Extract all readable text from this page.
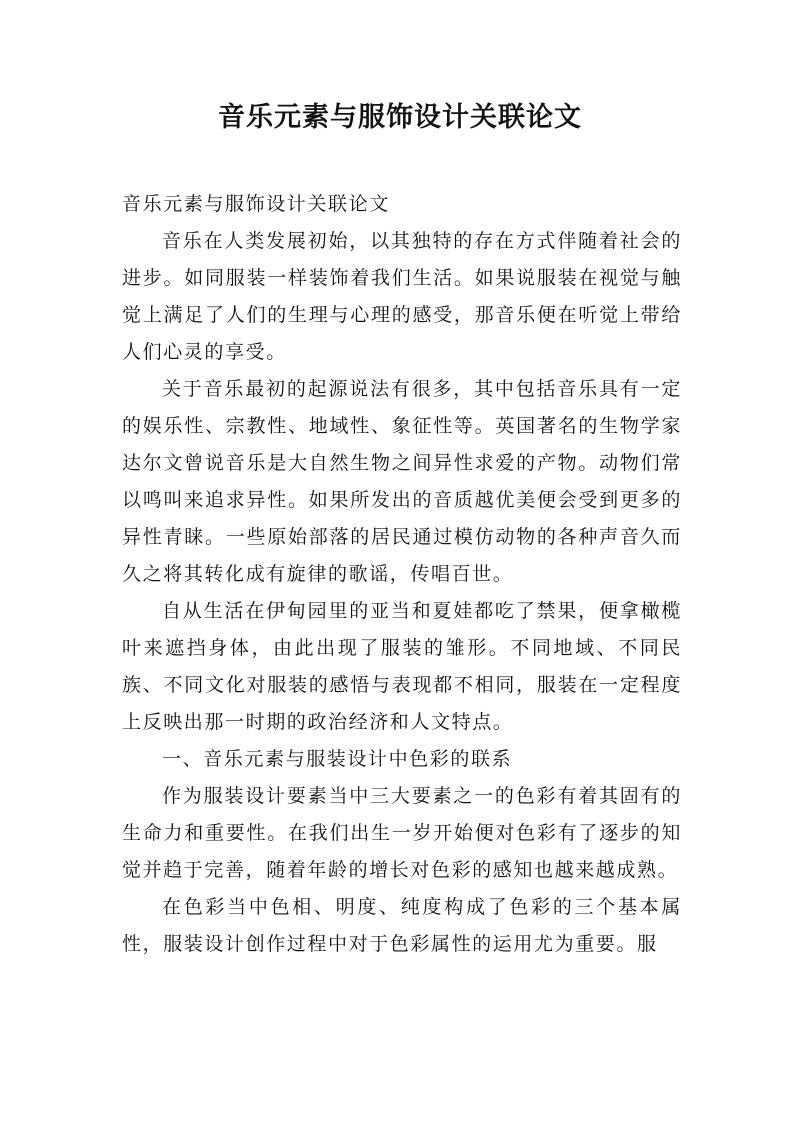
音乐元素与服饰设计关联论文

音乐元素与服饰设计关联论文

音乐在人类发展初始，以其独特的存在方式伴随着社会的进步。如同服装一样装饰着我们生活。如果说服装在视觉与触觉上满足了人们的生理与心理的感受，那音乐便在听觉上带给人们心灵的享受。

关于音乐最初的起源说法有很多，其中包括音乐具有一定的娱乐性、宗教性、地域性、象征性等。英国著名的生物学家达尔文曾说音乐是大自然生物之间异性求爱的产物。动物们常以鸣叫来追求异性。如果所发出的音质越优美便会受到更多的异性青睐。一些原始部落的居民通过模仿动物的各种声音久而久之将其转化成有旋律的歌谣，传唱百世。

自从生活在伊甸园里的亚当和夏娃都吃了禁果，便拿橄榄叶来遮挡身体，由此出现了服装的雏形。不同地域、不同民族、不同文化对服装的感悟与表现都不相同，服装在一定程度上反映出那一时期的政治经济和人文特点。

一、音乐元素与服装设计中色彩的联系

作为服装设计要素当中三大要素之一的色彩有着其固有的生命力和重要性。在我们出生一岁开始便对色彩有了逐步的知觉并趋于完善，随着年龄的增长对色彩的感知也越来越成熟。

在色彩当中色相、明度、纯度构成了色彩的三个基本属性，服装设计创作过程中对于色彩属性的运用尤为重要。服
